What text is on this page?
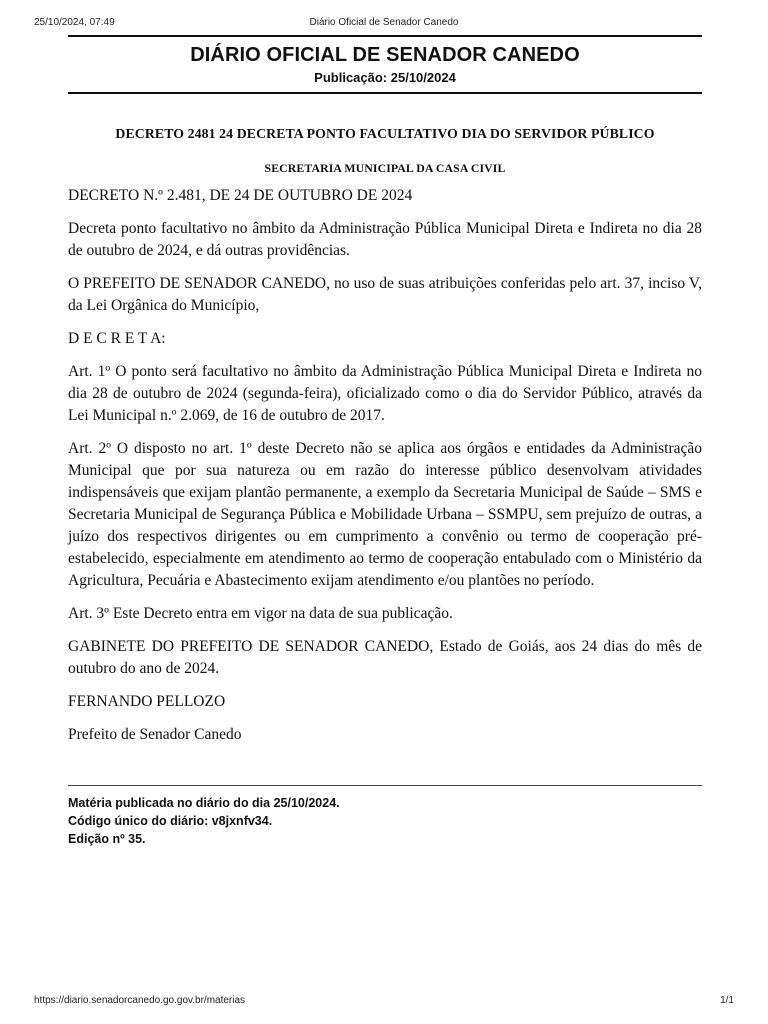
25/10/2024, 07:49	Diário Oficial de Senador Canedo
DIÁRIO OFICIAL DE SENADOR CANEDO
Publicação: 25/10/2024
DECRETO 2481 24 DECRETA PONTO FACULTATIVO DIA DO SERVIDOR PÚBLICO
SECRETARIA MUNICIPAL DA CASA CIVIL

DECRETO N.º 2.481, DE 24 DE OUTUBRO DE 2024

Decreta ponto facultativo no âmbito da Administração Pública Municipal Direta e Indireta no dia 28 de outubro de 2024, e dá outras providências.

O PREFEITO DE SENADOR CANEDO, no uso de suas atribuições conferidas pelo art. 37, inciso V, da Lei Orgânica do Município,

D E C R E T A:

Art. 1º O ponto será facultativo no âmbito da Administração Pública Municipal Direta e Indireta no dia 28 de outubro de 2024 (segunda-feira), oficializado como o dia do Servidor Público, através da Lei Municipal n.º 2.069, de 16 de outubro de 2017.

Art. 2º O disposto no art. 1º deste Decreto não se aplica aos órgãos e entidades da Administração Municipal que por sua natureza ou em razão do interesse público desenvolvam atividades indispensáveis que exijam plantão permanente, a exemplo da Secretaria Municipal de Saúde – SMS e Secretaria Municipal de Segurança Pública e Mobilidade Urbana – SSMPU, sem prejuízo de outras, a juízo dos respectivos dirigentes ou em cumprimento a convênio ou termo de cooperação pré-estabelecido, especialmente em atendimento ao termo de cooperação entabulado com o Ministério da Agricultura, Pecuária e Abastecimento exijam atendimento e/ou plantões no período.

Art. 3º Este Decreto entra em vigor na data de sua publicação.

GABINETE DO PREFEITO DE SENADOR CANEDO, Estado de Goiás, aos 24 dias do mês de outubro do ano de 2024.

FERNANDO PELLOZO

Prefeito de Senador Canedo

Matéria publicada no diário do dia 25/10/2024.
Código único do diário: v8jxnfv34.
Edição nº 35.
https://diario.senadorcanedo.go.gov.br/materias	1/1
